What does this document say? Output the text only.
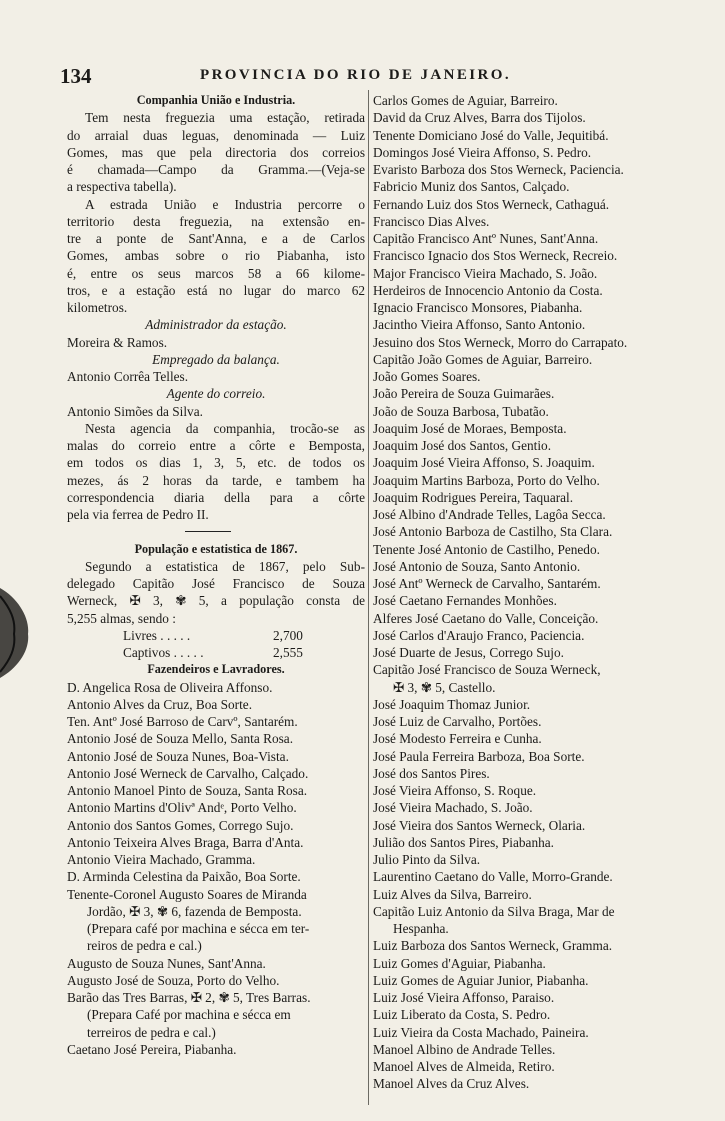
134	PROVINCIA DO RIO DE JANEIRO.
Companhia União e Industria.
Tem nesta freguezia uma estação, retirada
do arraial duas leguas, denominada — Luiz
Gomes, mas que pela directoria dos correios
é chamada—Campo da Gramma.—(Veja-se
a respectiva tabella).
A estrada União e Industria percorre o
territorio desta freguezia, na extensão en-
tre a ponte de Sant'Anna, e a de Carlos
Gomes, ambas sobre o rio Piabanha, isto
é, entre os seus marcos 58 a 66 kilome-
tros, e a estação está no lugar do marco 62
kilometros.
Administrador da estação.
Moreira & Ramos.
Empregado da balança.
Antonio Corrêa Telles.
Agente do correio.
Antonio Simões da Silva.
Nesta agencia da companhia, trocão-se as
malas do correio entre a côrte e Bemposta,
em todos os dias 1, 3, 5, etc. de todos os
mezes, ás 2 horas da tarde, e tambem ha
correspondencia diaria della para a côrte
pela via ferrea de Pedro II.
População e estatistica de 1867.
Segundo a estatistica de 1867, pelo Sub-
delegado Capitão José Francisco de Souza
Werneck, ✠ 3, ✾ 5, a população consta de
5,255 almas, sendo :
Livres . . . . .	2,700
Captivos . . . . .	2,555
Fazendeiros e Lavradores.
D. Angelica Rosa de Oliveira Affonso.
Antonio Alves da Cruz, Boa Sorte.
Ten. Antº José Barroso de Carvº, Santarém.
Antonio José de Souza Mello, Santa Rosa.
Antonio José de Souza Nunes, Boa-Vista.
Antonio José Werneck de Carvalho, Calçado.
Antonio Manoel Pinto de Souza, Santa Rosa.
Antonio Martins d'Olivª Andᵉ, Porto Velho.
Antonio dos Santos Gomes, Corrego Sujo.
Antonio Teixeira Alves Braga, Barra d'Anta.
Antonio Vieira Machado, Gramma.
D. Arminda Celestina da Paixão, Boa Sorte.
Tenente-Coronel Augusto Soares de Miranda
Jordão, ✠ 3, ✾ 6, fazenda de Bemposta.
(Prepara café por machina e sécca em ter-
reiros de pedra e cal.)
Augusto de Souza Nunes, Sant'Anna.
Augusto José de Souza, Porto do Velho.
Barão das Tres Barras, ✠ 2, ✾ 5, Tres Barras.
(Prepara Café por machina e sécca em
terreiros de pedra e cal.)
Caetano José Pereira, Piabanha.
Carlos Gomes de Aguiar, Barreiro.
David da Cruz Alves, Barra dos Tijolos.
Tenente Domiciano José do Valle, Jequitibá.
Domingos José Vieira Affonso, S. Pedro.
Evaristo Barboza dos Stos Werneck, Paciencia.
Fabricio Muniz dos Santos, Calçado.
Fernando Luiz dos Stos Werneck, Cathaguá.
Francisco Dias Alves.
Capitão Francisco Antº Nunes, Sant'Anna.
Francisco Ignacio dos Stos Werneck, Recreio.
Major Francisco Vieira Machado, S. João.
Herdeiros de Innocencio Antonio da Costa.
Ignacio Francisco Monsores, Piabanha.
Jacintho Vieira Affonso, Santo Antonio.
Jesuino dos Stos Werneck, Morro do Carrapato.
Capitão João Gomes de Aguiar, Barreiro.
João Gomes Soares.
João Pereira de Souza Guimarães.
João de Souza Barbosa, Tubatão.
Joaquim José de Moraes, Bemposta.
Joaquim José dos Santos, Gentio.
Joaquim José Vieira Affonso, S. Joaquim.
Joaquim Martins Barboza, Porto do Velho.
Joaquim Rodrigues Pereira, Taquaral.
José Albino d'Andrade Telles, Lagôa Secca.
José Antonio Barboza de Castilho, Sta Clara.
Tenente José Antonio de Castilho, Penedo.
José Antonio de Souza, Santo Antonio.
José Antº Werneck de Carvalho, Santarém.
José Caetano Fernandes Monhões.
Alferes José Caetano do Valle, Conceição.
José Carlos d'Araujo Franco, Paciencia.
José Duarte de Jesus, Corrego Sujo.
Capitão José Francisco de Souza Werneck,
✠ 3, ✾ 5, Castello.
José Joaquim Thomaz Junior.
José Luiz de Carvalho, Portões.
José Modesto Ferreira e Cunha.
José Paula Ferreira Barboza, Boa Sorte.
José dos Santos Pires.
José Vieira Affonso, S. Roque.
José Vieira Machado, S. João.
José Vieira dos Santos Werneck, Olaria.
Julião dos Santos Pires, Piabanha.
Julio Pinto da Silva.
Laurentino Caetano do Valle, Morro-Grande.
Luiz Alves da Silva, Barreiro.
Capitão Luiz Antonio da Silva Braga, Mar de
Hespanha.
Luiz Barboza dos Santos Werneck, Gramma.
Luiz Gomes d'Aguiar, Piabanha.
Luiz Gomes de Aguiar Junior, Piabanha.
Luiz José Vieira Affonso, Paraiso.
Luiz Liberato da Costa, S. Pedro.
Luiz Vieira da Costa Machado, Paineira.
Manoel Albino de Andrade Telles.
Manoel Alves de Almeida, Retiro.
Manoel Alves da Cruz Alves.
